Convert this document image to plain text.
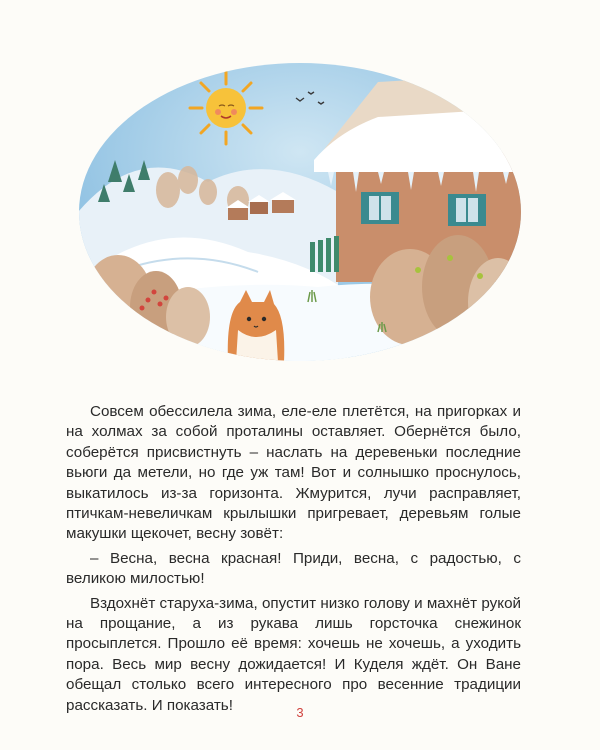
Совсем обессилела зима, еле-еле плетётся, на пригорках и на холмах за собой проталины оставляет. Обернётся было, соберётся присвистнуть – наслать на деревеньки последние вьюги да метели, но где уж там! Вот и солнышко проснулось, выкатилось из-за горизонта. Жмурится, лучи расправляет, птичкам-невеличкам крылышки пригревает, деревьям голые макушки щекочет, весну зовёт:

– Весна, весна красная! Приди, весна, с радостью, с великою милостью!

Вздохнёт старуха-зима, опустит низко голову и махнёт рукой на прощание, а из рукава лишь горсточка снежинок просыплется. Прошло её время: хочешь не хочешь, а уходить пора. Весь мир весну дожидается! И Куделя ждёт. Он Ване обещал столько всего интересного про весенние традиции рассказать. И показать!	3
